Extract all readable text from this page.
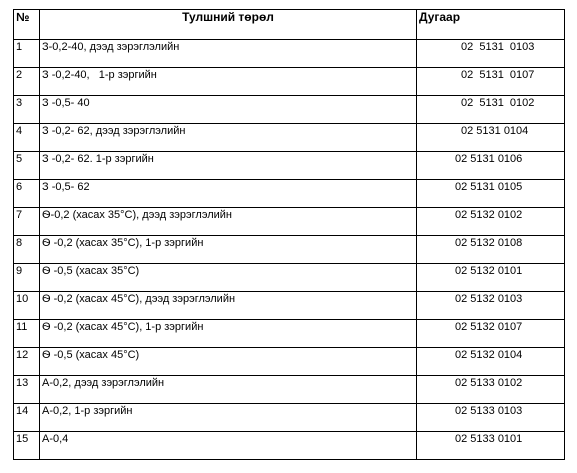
№	Тулшний төрөл	Дугаар
1	З-0,2-40, дээд зэрэглэлийн	02  5131  0103
2	З -0,2-40,   1-р зэргийн	02  5131  0107
3	З -0,5- 40	02  5131  0102
4	З -0,2- 62, дээд зэрэглэлийн	02 5131 0104
5	З -0,2- 62. 1-р зэргийн	02 5131 0106
6	З -0,5- 62	02 5131 0105
7	Ѳ-0,2 (хасах 35°С), дээд зэрэглэлийн	02 5132 0102
8	Ѳ -0,2 (хасах 35°С), 1-р зэргийн	02 5132 0108
9	Ѳ -0,5 (хасах 35°С)	02 5132 0101
10	Ѳ -0,2 (хасах 45°С), дээд зэрэглэлийн	02 5132 0103
11	Ѳ -0,2 (хасах 45°С), 1-р зэргийн	02 5132 0107
12	Ѳ -0,5 (хасах 45°С)	02 5132 0104
13	А-0,2, дээд зэрэглэлийн	02 5133 0102
14	А-0,2, 1-р зэргийн	02 5133 0103
15	А-0,4	02 5133 0101
